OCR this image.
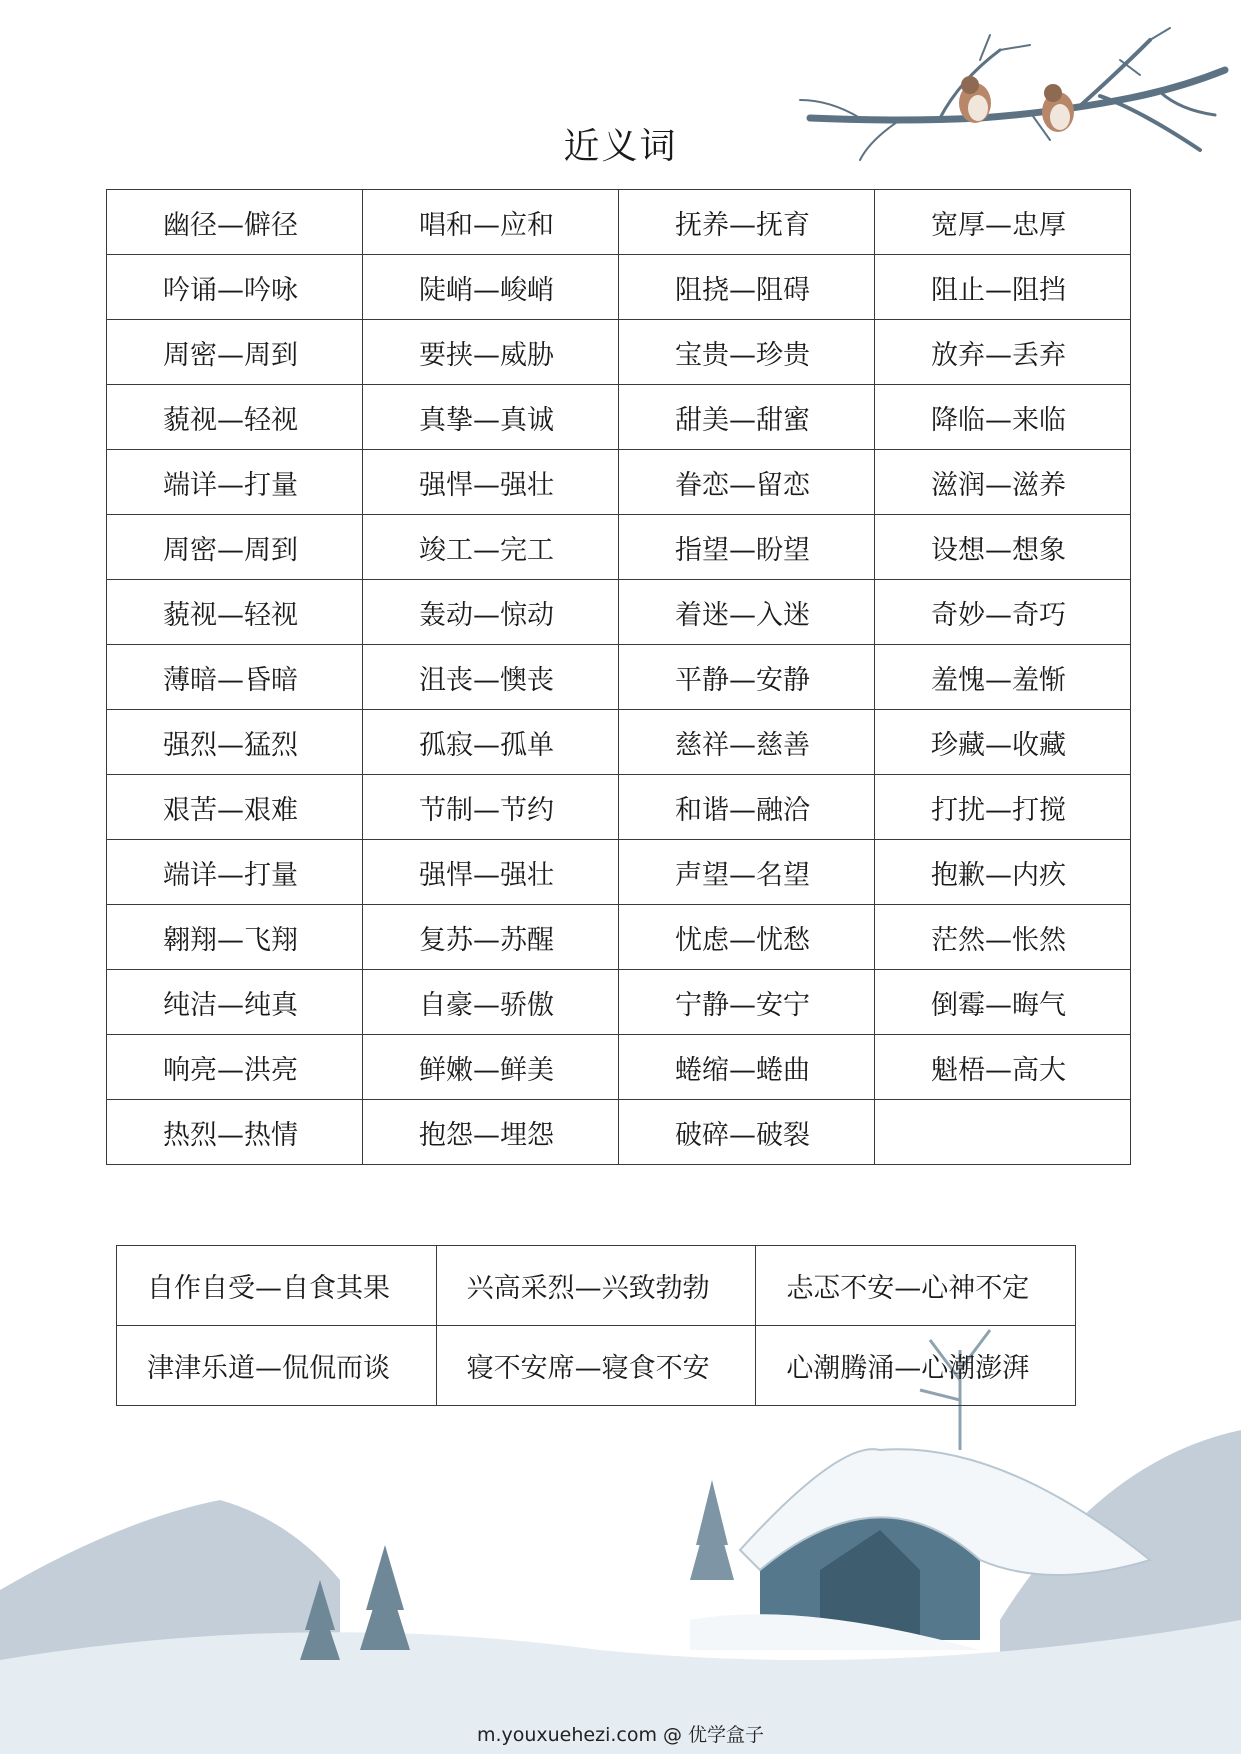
近义词
幽径—僻径	唱和—应和	抚养—抚育	宽厚—忠厚
吟诵—吟咏	陡峭—峻峭	阻挠—阻碍	阻止—阻挡
周密—周到	要挟—威胁	宝贵—珍贵	放弃—丢弃
藐视—轻视	真挚—真诚	甜美—甜蜜	降临—来临
端详—打量	强悍—强壮	眷恋—留恋	滋润—滋养
周密—周到	竣工—完工	指望—盼望	设想—想象
藐视—轻视	轰动—惊动	着迷—入迷	奇妙—奇巧
薄暗—昏暗	沮丧—懊丧	平静—安静	羞愧—羞惭
强烈—猛烈	孤寂—孤单	慈祥—慈善	珍藏—收藏
艰苦—艰难	节制—节约	和谐—融洽	打扰—打搅
端详—打量	强悍—强壮	声望—名望	抱歉—内疚
翱翔—飞翔	复苏—苏醒	忧虑—忧愁	茫然—怅然
纯洁—纯真	自豪—骄傲	宁静—安宁	倒霉—晦气
响亮—洪亮	鲜嫩—鲜美	蜷缩—蜷曲	魁梧—高大
热烈—热情	抱怨—埋怨	破碎—破裂	
自作自受—自食其果	兴高采烈—兴致勃勃	忐忑不安—心神不定
津津乐道—侃侃而谈	寝不安席—寝食不安	心潮腾涌—心潮澎湃
m.youxuehezi.com @ 优学盒子
